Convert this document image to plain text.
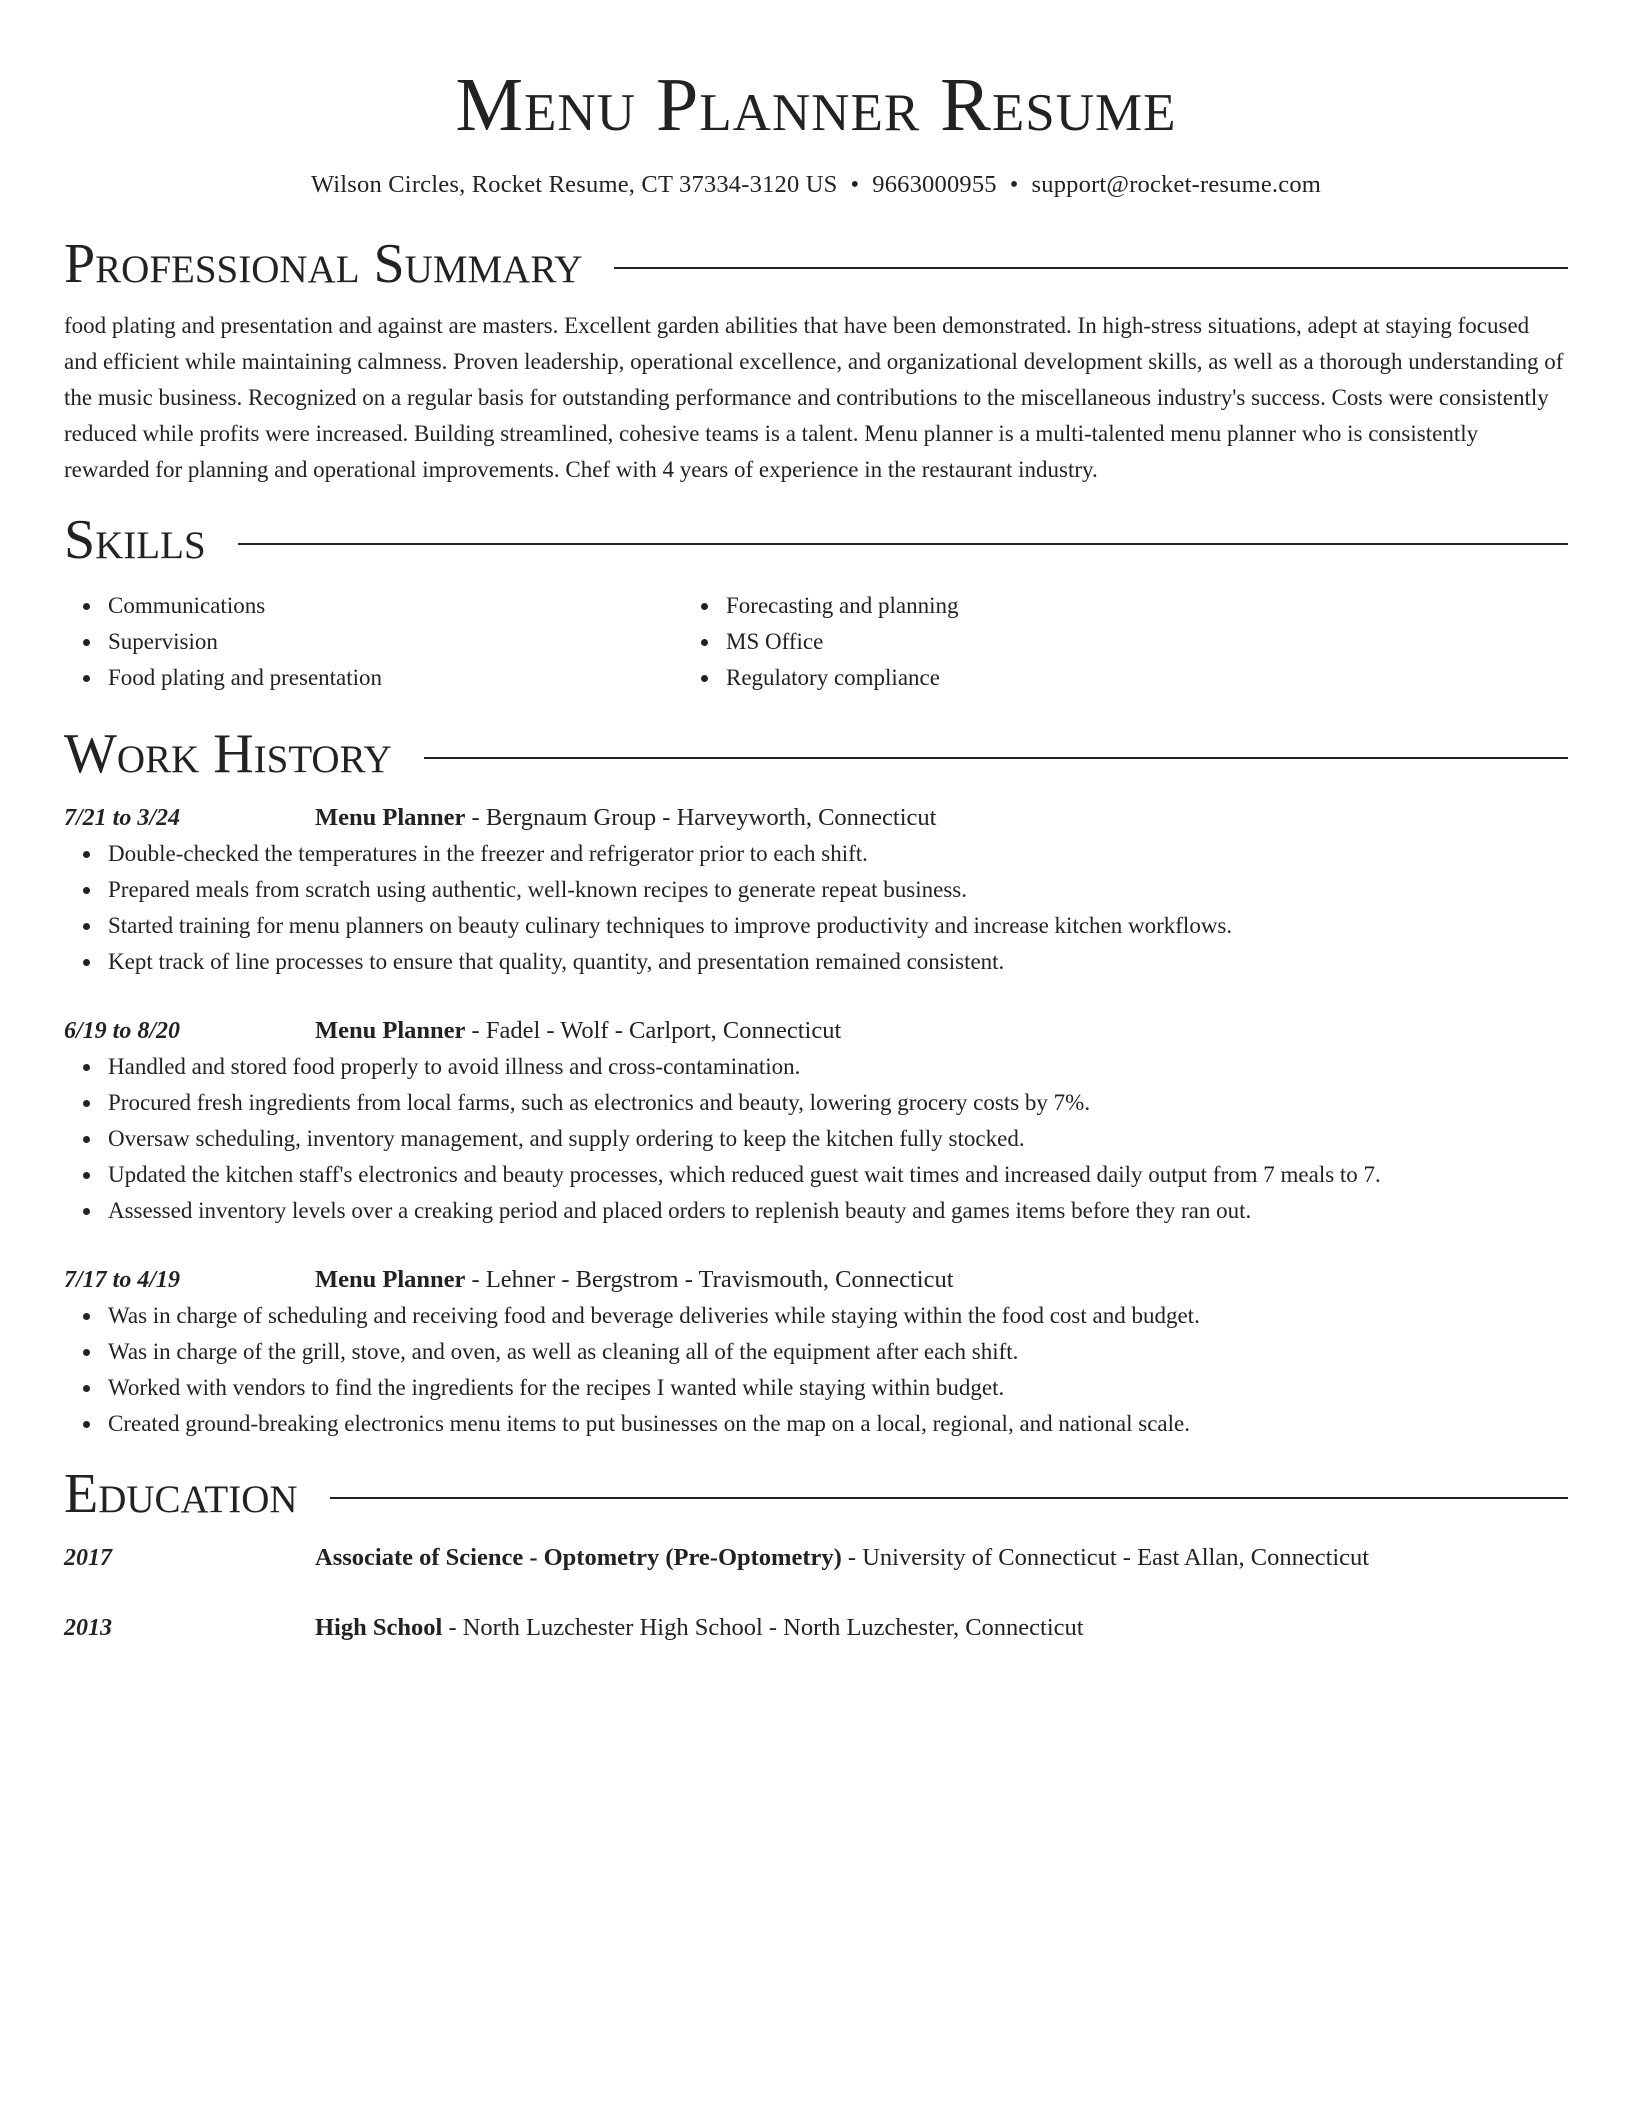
Menu Planner Resume
Wilson Circles, Rocket Resume, CT 37334-3120 US • 9663000955 • support@rocket-resume.com
Professional Summary

food plating and presentation and against are masters. Excellent garden abilities that have been demonstrated. In high-stress situations, adept at staying focused and efficient while maintaining calmness. Proven leadership, operational excellence, and organizational development skills, as well as a thorough understanding of the music business. Recognized on a regular basis for outstanding performance and contributions to the miscellaneous industry's success. Costs were consistently reduced while profits were increased. Building streamlined, cohesive teams is a talent. Menu planner is a multi-talented menu planner who is consistently rewarded for planning and operational improvements. Chef with 4 years of experience in the restaurant industry.

Skills
Communications
Supervision
Food plating and presentation
Forecasting and planning
MS Office
Regulatory compliance
Work History
7/21 to 3/24	Menu Planner - Bergnaum Group - Harveyworth, Connecticut
Double-checked the temperatures in the freezer and refrigerator prior to each shift.
Prepared meals from scratch using authentic, well-known recipes to generate repeat business.
Started training for menu planners on beauty culinary techniques to improve productivity and increase kitchen workflows.
Kept track of line processes to ensure that quality, quantity, and presentation remained consistent.
6/19 to 8/20	Menu Planner - Fadel - Wolf - Carlport, Connecticut
Handled and stored food properly to avoid illness and cross-contamination.
Procured fresh ingredients from local farms, such as electronics and beauty, lowering grocery costs by 7%.
Oversaw scheduling, inventory management, and supply ordering to keep the kitchen fully stocked.
Updated the kitchen staff's electronics and beauty processes, which reduced guest wait times and increased daily output from 7 meals to 7.
Assessed inventory levels over a creaking period and placed orders to replenish beauty and games items before they ran out.
7/17 to 4/19	Menu Planner - Lehner - Bergstrom - Travismouth, Connecticut
Was in charge of scheduling and receiving food and beverage deliveries while staying within the food cost and budget.
Was in charge of the grill, stove, and oven, as well as cleaning all of the equipment after each shift.
Worked with vendors to find the ingredients for the recipes I wanted while staying within budget.
Created ground-breaking electronics menu items to put businesses on the map on a local, regional, and national scale.
Education
2017	Associate of Science - Optometry (Pre-Optometry) - University of Connecticut - East Allan, Connecticut
2013	High School - North Luzchester High School - North Luzchester, Connecticut
